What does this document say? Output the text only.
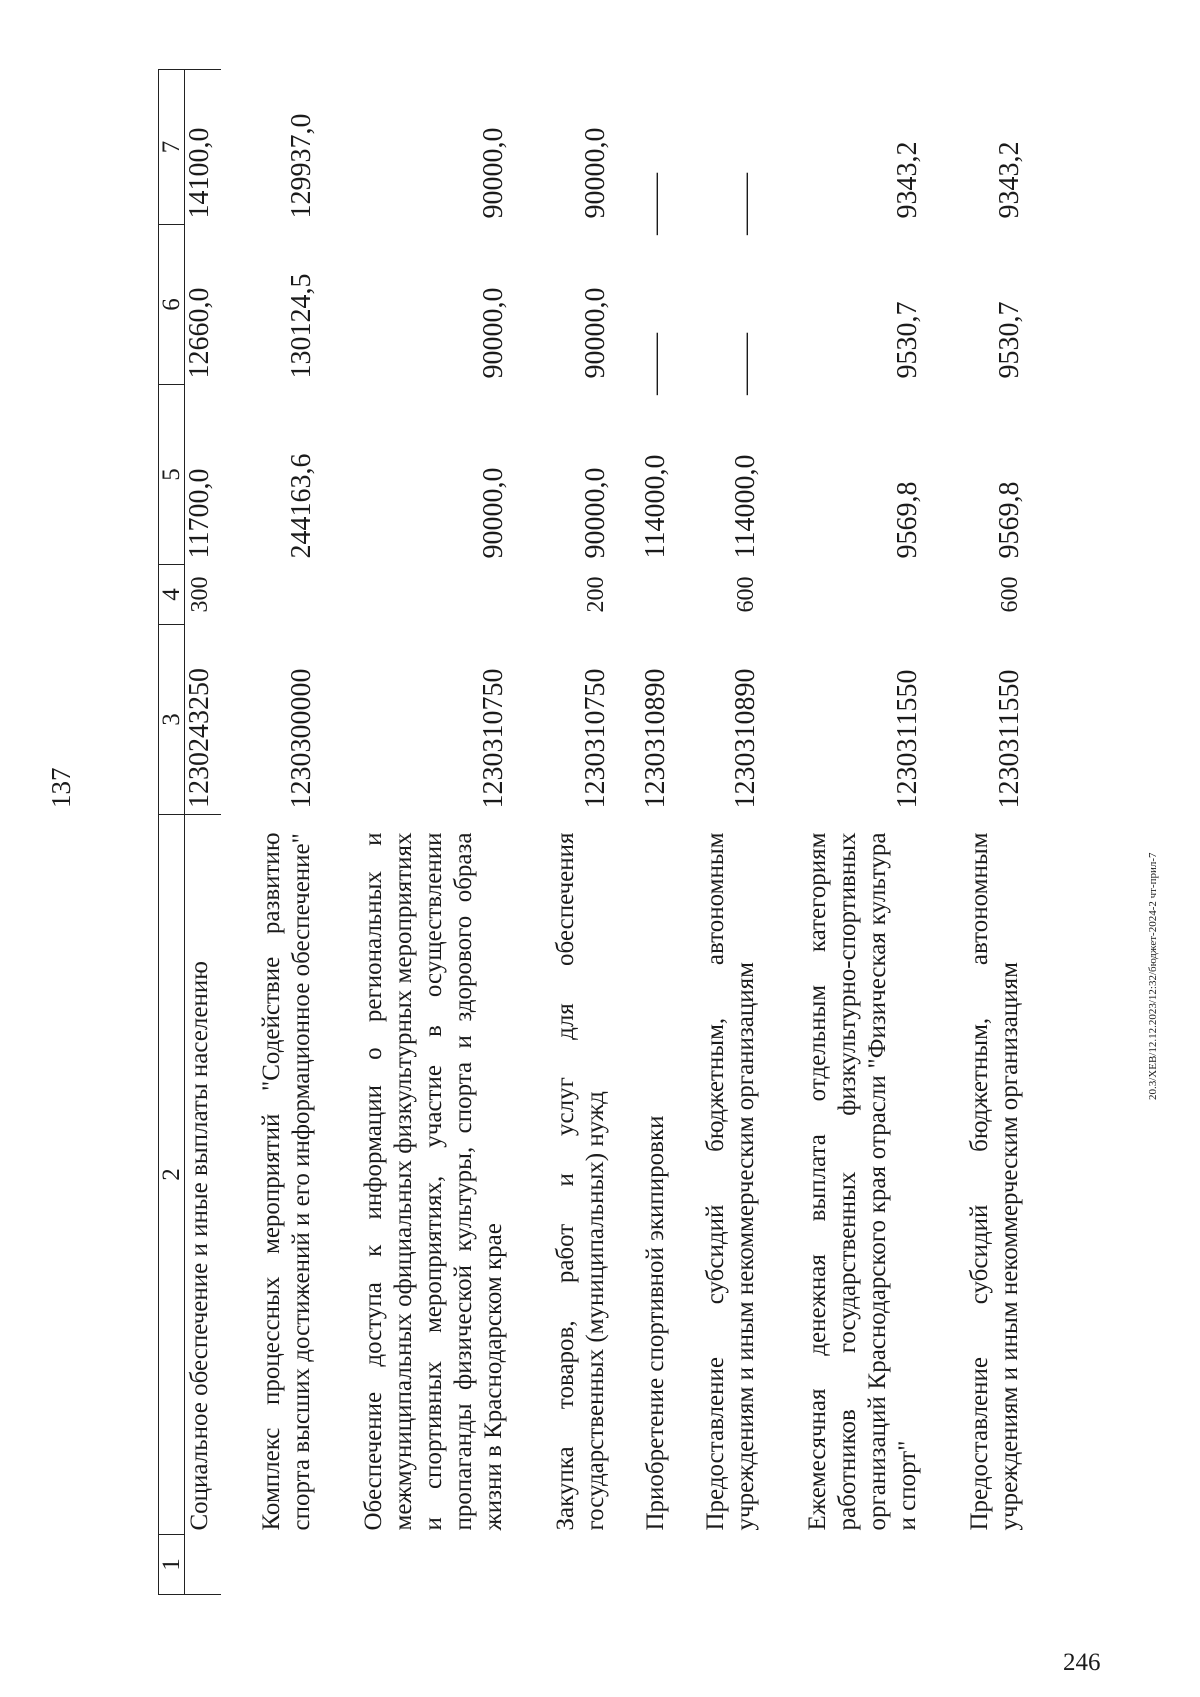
137
1	2	3	4	5	6	7
	Социальное обеспечение и иные выплаты населению	1230243250	300	11700,0	12660,0	14100,0
	Комплекс процессных мероприятий "Содействие развитию спорта высших достижений и его информационное обеспечение"	1230300000		244163,6	130124,5	129937,0
	Обеспечение доступа к информации о региональных и межмуниципальных официальных физкультурных мероприятиях и спортивных мероприятиях, участие в осуществлении пропаганды физической культуры, спорта и здорового образа жизни в Краснодарском крае	1230310750		90000,0	90000,0	90000,0
	Закупка товаров, работ и услуг для обеспечения государственных (муниципальных) нужд	1230310750	200	90000,0	90000,0	90000,0
	Приобретение спортивной экипировки	1230310890		114000,0	—	—
	Предоставление субсидий бюджетным, автономным учреждениям и иным некоммерческим организациям	1230310890	600	114000,0	—	—
	Ежемесячная денежная выплата отдельным категориям работников государственных физкультурно-спортивных организаций Краснодарского края отрасли "Физическая культура и спорт"	1230311550		9569,8	9530,7	9343,2
	Предоставление субсидий бюджетным, автономным учреждениям и иным некоммерческим организациям	1230311550	600	9569,8	9530,7	9343,2
20.3/XEB/12.12.2023/12:32/бюджет-2024-2 чт-прил-7
246
